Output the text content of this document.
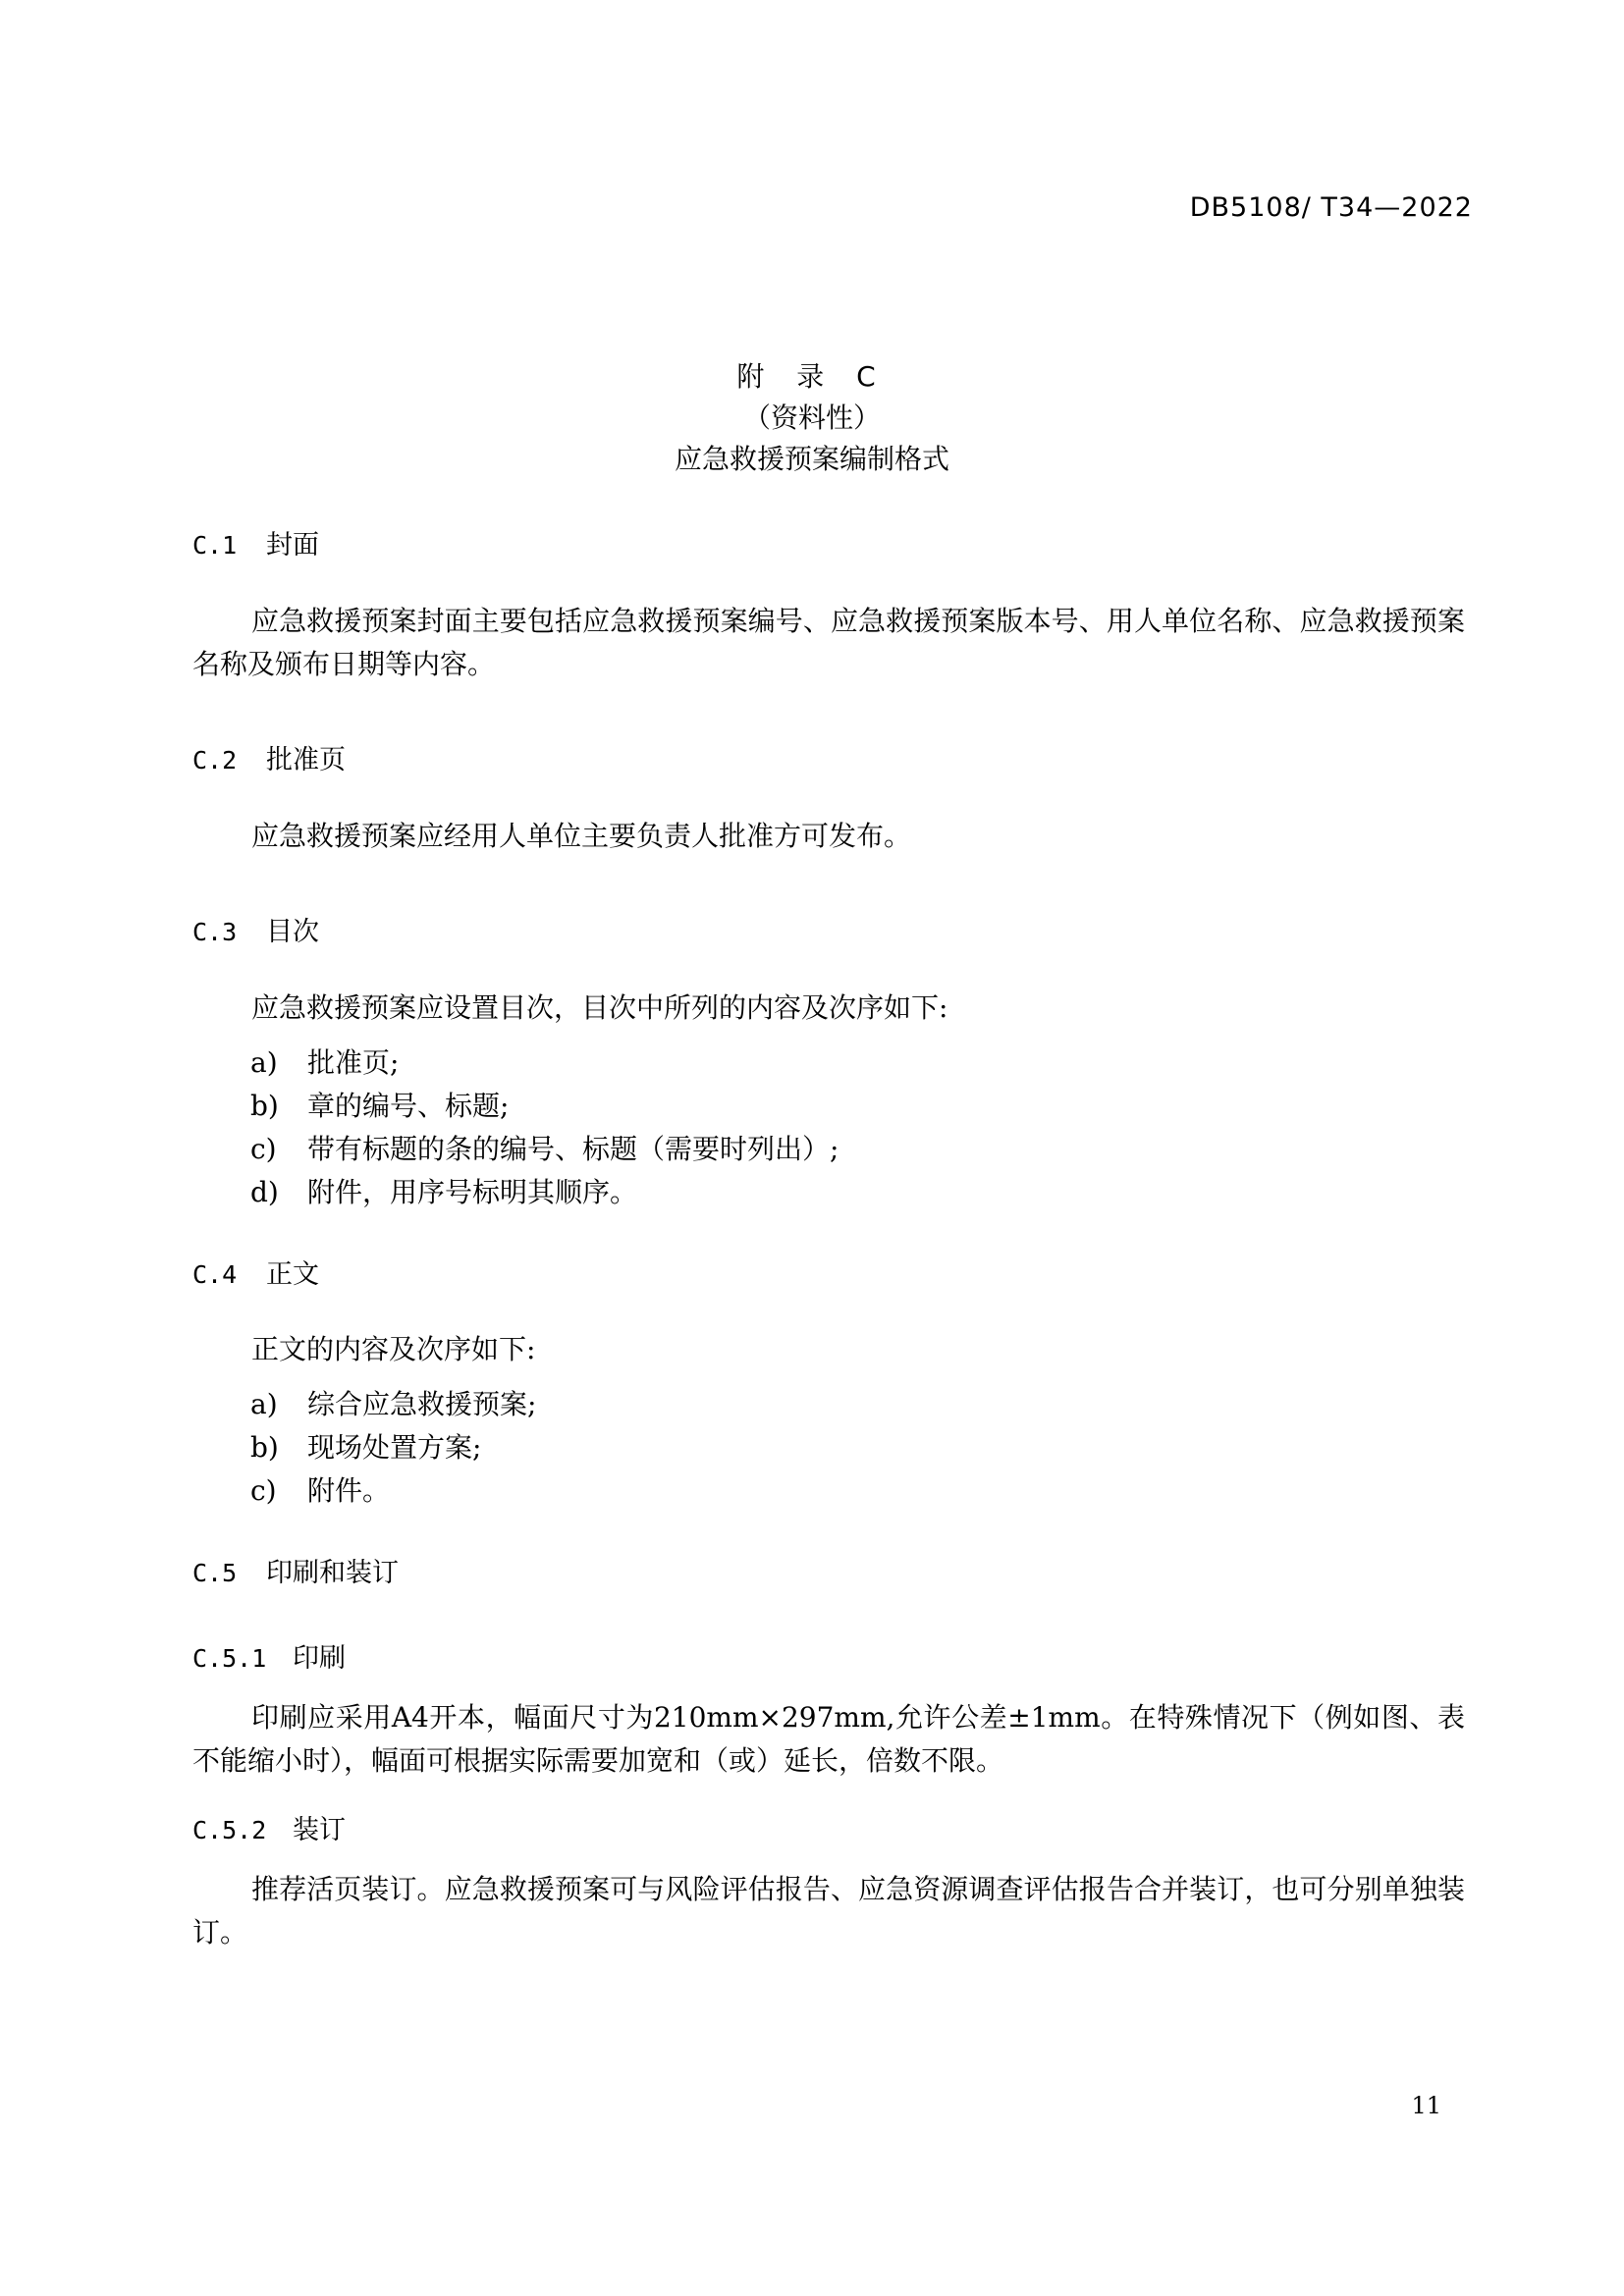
DB5108/ T34—2022
附 录 C
（资料性）
应急救援预案编制格式
C.1 封面
应急救援预案封面主要包括应急救援预案编号、应急救援预案版本号、用人单位名称、应急救援预案名称及颁布日期等内容。
C.2 批准页
应急救援预案应经用人单位主要负责人批准方可发布。
C.3 目次
应急救援预案应设置目次，目次中所列的内容及次序如下:
a) 批准页;
b) 章的编号、标题;
c) 带有标题的条的编号、标题（需要时列出）;
d) 附件，用序号标明其顺序。
C.4 正文
正文的内容及次序如下:
a) 综合应急救援预案;
b) 现场处置方案;
c) 附件。
C.5 印刷和装订
C.5.1 印刷
印刷应采用A4开本，幅面尺寸为210mm×297mm,允许公差±1mm。在特殊情况下（例如图、表不能缩小时），幅面可根据实际需要加宽和（或）延长，倍数不限。
C.5.2 装订
推荐活页装订。应急救援预案可与风险评估报告、应急资源调查评估报告合并装订，也可分别单独装订。
11
